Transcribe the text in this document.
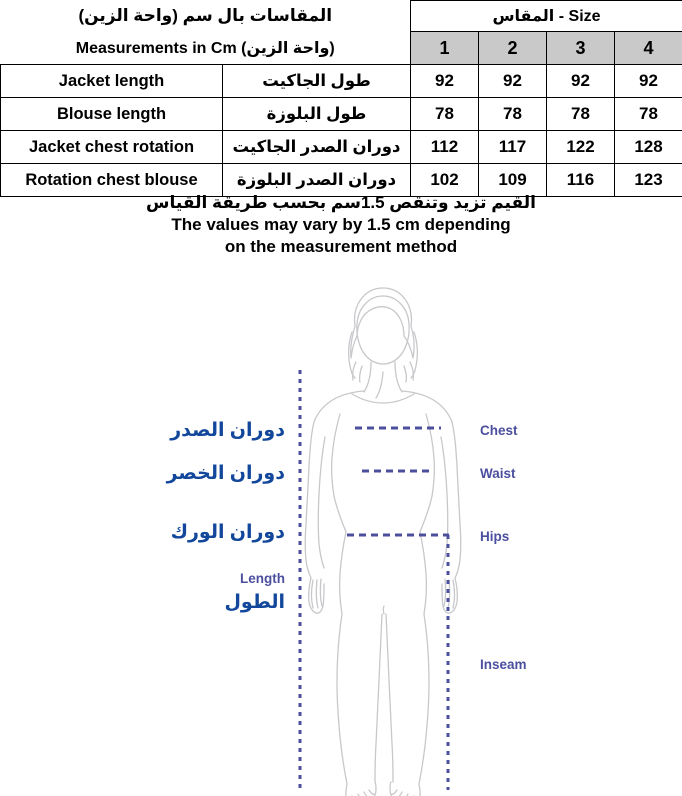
المقاسات بال سم (واحة الزين)		المقاس - Size			
Measurements in Cm (واحة الزين)		1	2	3	4
Jacket length	طول الجاكيت	92	92	92	92
Blouse length	طول البلوزة	78	78	78	78
Jacket chest rotation	دوران الصدر الجاكيت	112	117	122	128
Rotation chest blouse	دوران الصدر البلوزة	102	109	116	123
القيم تزيد وتنقص 1.5سم بحسب طريقة القياس
The values may vary by 1.5 cm depending
on the measurement method
دوران الصدر
دوران الخصر
دوران الورك
Length
الطول
Chest
Waist
Hips
Inseam
